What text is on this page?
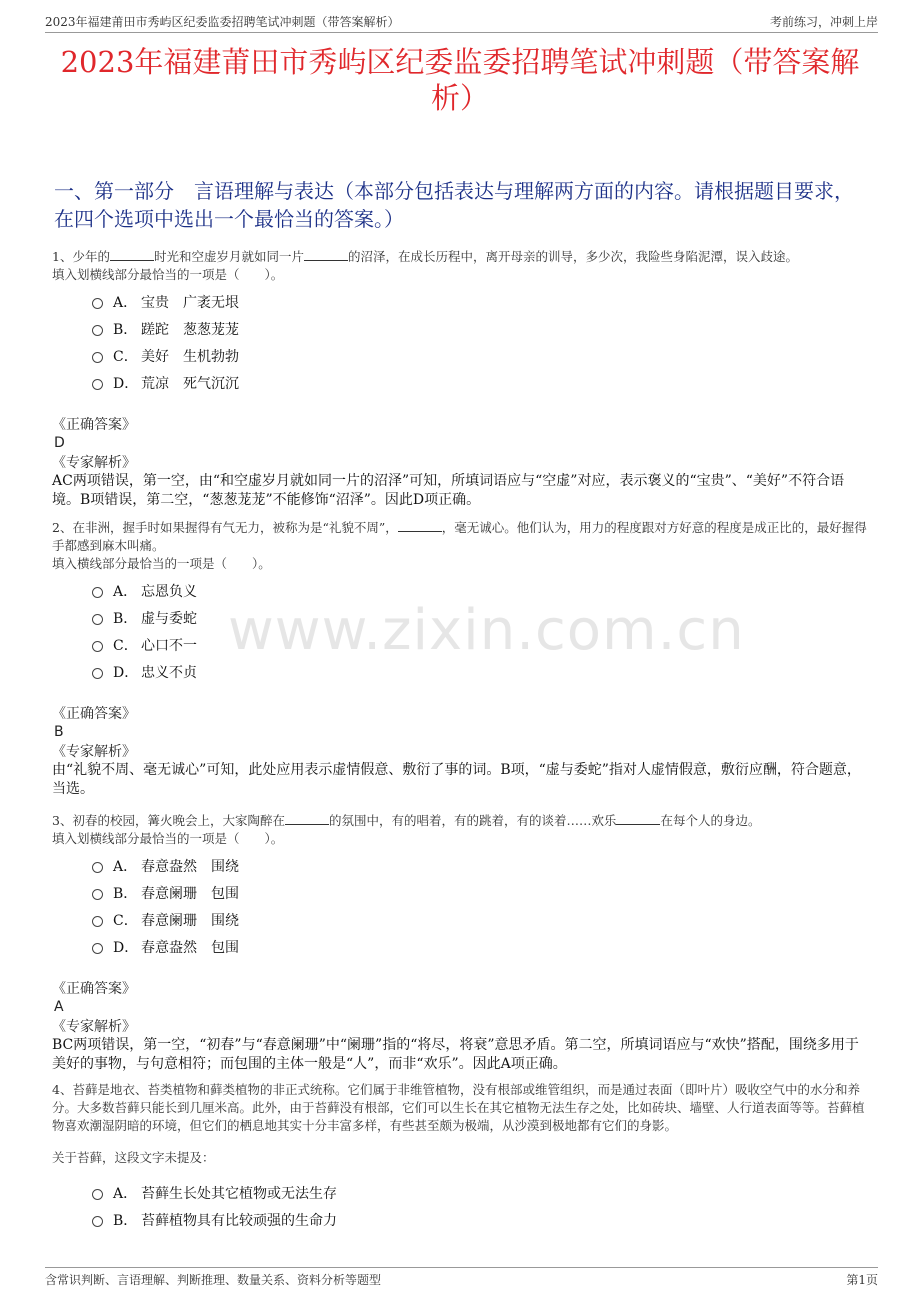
2023年福建莆田市秀屿区纪委监委招聘笔试冲刺题（带答案解析）	考前练习，冲刺上岸
2023年福建莆田市秀屿区纪委监委招聘笔试冲刺题（带答案解析）
一、第一部分　言语理解与表达（本部分包括表达与理解两方面的内容。请根据题目要求，在四个选项中选出一个最恰当的答案。）
www.zixin.com.cn
1、少年的	时光和空虚岁月就如同一片	的沼泽，在成长历程中，离开母亲的训导，多少次，我险些身陷泥潭，误入歧途。
填入划横线部分最恰当的一项是（　　）。
A． 宝贵　广袤无垠
B． 蹉跎　葱葱茏茏
C． 美好　生机勃勃
D． 荒凉　死气沉沉
《正确答案》
D
《专家解析》
AC两项错误，第一空，由“和空虚岁月就如同一片的沼泽”可知，所填词语应与“空虚”对应，表示褒义的“宝贵”、“美好”不符合语境。B项错误，第二空，“葱葱茏茏”不能修饰“沼泽”。因此D项正确。
2、在非洲，握手时如果握得有气无力，被称为是“礼貌不周”，	，毫无诚心。他们认为，用力的程度跟对方好意的程度是成正比的，最好握得手都感到麻木叫痛。
填入横线部分最恰当的一项是（　　）。
A． 忘恩负义
B． 虚与委蛇
C． 心口不一
D． 忠义不贞
《正确答案》
B
《专家解析》
由“礼貌不周、毫无诚心”可知，此处应用表示虚情假意、敷衍了事的词。B项，“虚与委蛇”指对人虚情假意，敷衍应酬，符合题意，当选。
3、初春的校园，篝火晚会上，大家陶醉在	的氛围中，有的唱着，有的跳着，有的谈着……欢乐	在每个人的身边。
填入划横线部分最恰当的一项是（　　）。
A． 春意盎然　围绕
B． 春意阑珊　包围
C． 春意阑珊　围绕
D． 春意盎然　包围
《正确答案》
A
《专家解析》
BC两项错误，第一空，“初春”与“春意阑珊”中“阑珊”指的“将尽，将衰”意思矛盾。第二空，所填词语应与“欢快”搭配，围绕多用于美好的事物，与句意相符；而包围的主体一般是“人”，而非“欢乐”。因此A项正确。
4、苔藓是地衣、苔类植物和藓类植物的非正式统称。它们属于非维管植物，没有根部或维管组织，而是通过表面（即叶片）吸收空气中的水分和养分。大多数苔藓只能长到几厘米高。此外，由于苔藓没有根部，它们可以生长在其它植物无法生存之处，比如砖块、墙壁、人行道表面等等。苔藓植物喜欢潮湿阴暗的环境，但它们的栖息地其实十分丰富多样，有些甚至颇为极端，从沙漠到极地都有它们的身影。
关于苔藓，这段文字未提及：
A． 苔藓生长处其它植物或无法生存
B． 苔藓植物具有比较顽强的生命力
含常识判断、言语理解、判断推理、数量关系、资料分析等题型	第1页
